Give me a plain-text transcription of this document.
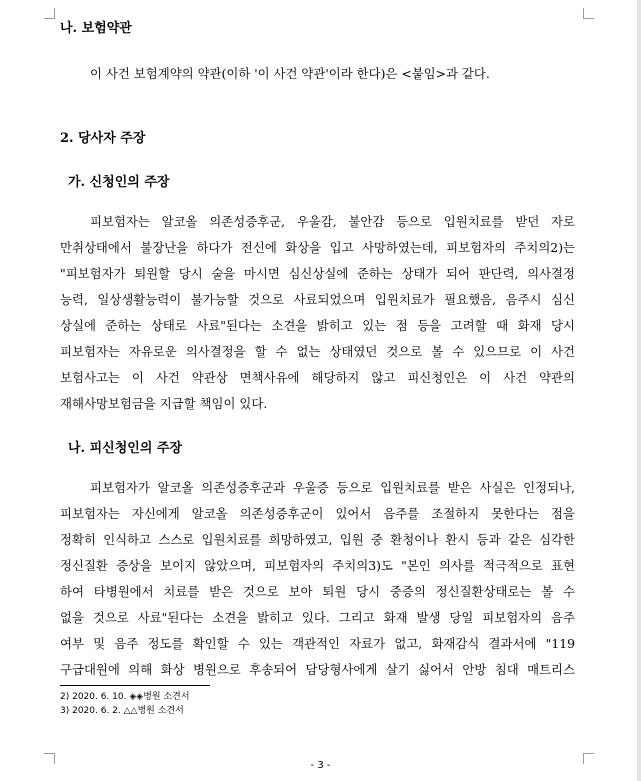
나. 보험약관
이 사건 보험계약의 약관(이하 '이 사건 약관'이라 한다)은 <붙임>과 같다.
2. 당사자 주장
가. 신청인의 주장
피보험자는 알코올 의존성증후군, 우울감, 불안감 등으로 입원치료를 받던 자로
만취상태에서 불장난을 하다가 전신에 화상을 입고 사망하였는데, 피보험자의 주치의2)는
"피보험자가 퇴원할 당시 술을 마시면 심신상실에 준하는 상태가 되어 판단력, 의사결정
능력, 일상생활능력이 불가능할 것으로 사료되었으며 입원치료가 필요했음, 음주시 심신
상실에 준하는 상태로 사료"된다는 소견을 밝히고 있는 점 등을 고려할 때 화재 당시
피보험자는 자유로운 의사결정을 할 수 없는 상태였던 것으로 볼 수 있으므로 이 사건
보험사고는 이 사건 약관상 면책사유에 해당하지 않고 피신청인은 이 사건 약관의
재해사망보험금을 지급할 책임이 있다.
나. 피신청인의 주장
피보험자가 알코올 의존성증후군과 우울증 등으로 입원치료를 받은 사실은 인정되나,
피보험자는 자신에게 알코올 의존성증후군이 있어서 음주를 조절하지 못한다는 점을
정확히 인식하고 스스로 입원치료를 희망하였고, 입원 중 환청이나 환시 등과 같은 심각한
정신질환 증상을 보이지 않았으며, 피보험자의 주치의3)도 "본인 의사를 적극적으로 표현
하여 타병원에서 치료를 받은 것으로 보아 퇴원 당시 중증의 정신질환상태로는 볼 수
없을 것으로 사료"된다는 소견을 밝히고 있다. 그리고 화재 발생 당일 피보험자의 음주
여부 및 음주 정도를 확인할 수 있는 객관적인 자료가 없고, 화재감식 결과서에 "119
구급대원에 의해 화상 병원으로 후송되어 담당형사에게 살기 싫어서 안방 침대 매트리스
2) 2020. 6. 10. ◈◈병원 소견서
3) 2020. 6. 2. △△병원 소견서
- 3 -
